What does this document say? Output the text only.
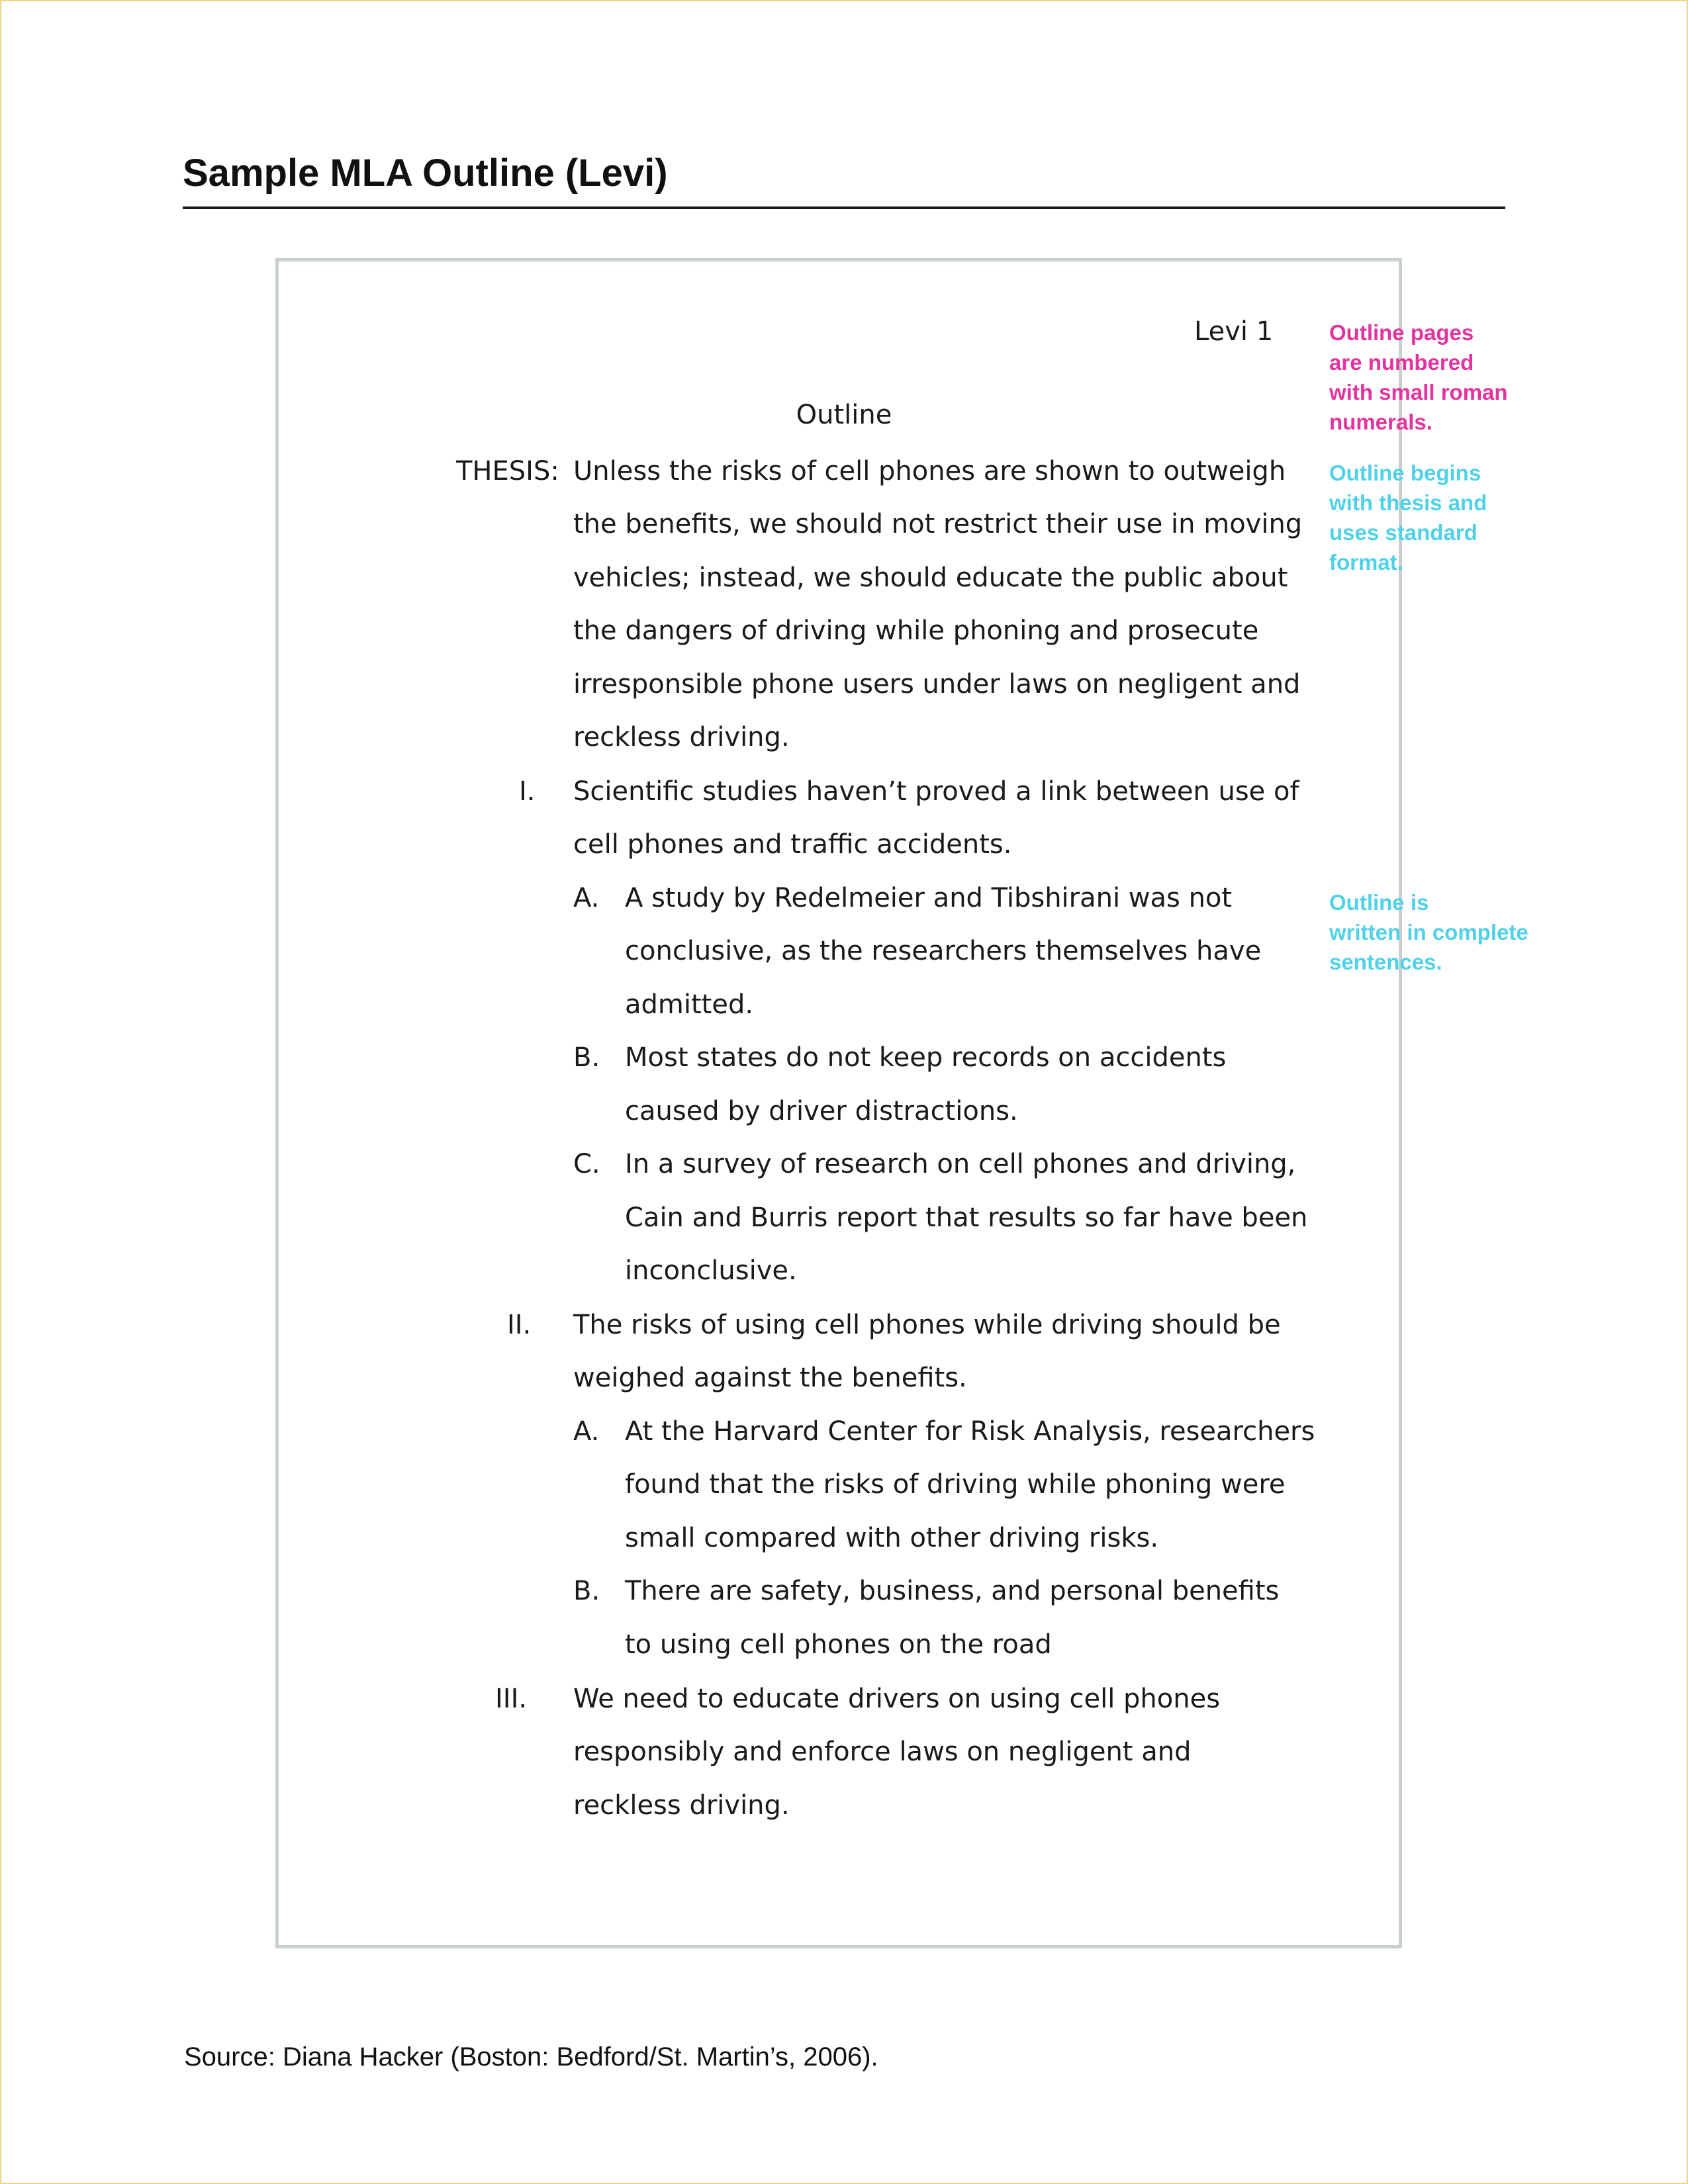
Sample MLA Outline (Levi)
Levi 1
Outline
THESIS: Unless the risks of cell phones are shown to outweigh
the benefits, we should not restrict their use in moving
vehicles; instead, we should educate the public about
the dangers of driving while phoning and prosecute
irresponsible phone users under laws on negligent and
reckless driving.
I. Scientific studies haven’t proved a link between use of
cell phones and traffic accidents.
A. A study by Redelmeier and Tibshirani was not
conclusive, as the researchers themselves have
admitted.
B. Most states do not keep records on accidents
caused by driver distractions.
C. In a survey of research on cell phones and driving,
Cain and Burris report that results so far have been
inconclusive.
II. The risks of using cell phones while driving should be
weighed against the benefits.
A. At the Harvard Center for Risk Analysis, researchers
found that the risks of driving while phoning were
small compared with other driving risks.
B. There are safety, business, and personal benefits
to using cell phones on the road
III. We need to educate drivers on using cell phones
responsibly and enforce laws on negligent and
reckless driving.
Outline pages
are numbered
with small roman
numerals.
Outline begins
with thesis and
uses standard
format.
Outline is
written in complete
sentences.
Source: Diana Hacker (Boston: Bedford/St. Martin’s, 2006).
